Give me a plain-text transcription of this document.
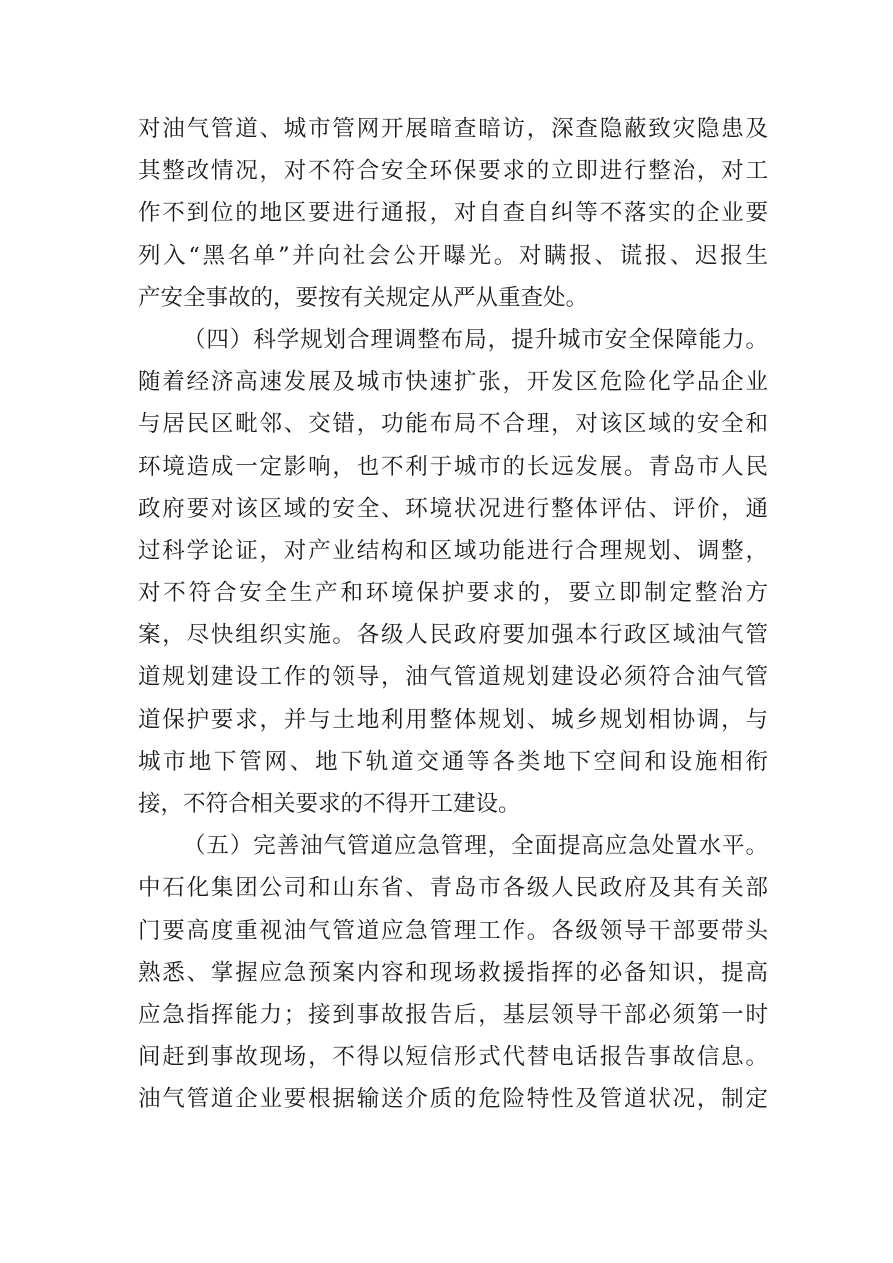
对油气管道、城市管网开展暗查暗访，深查隐蔽致灾隐患及
其整改情况，对不符合安全环保要求的立即进行整治，对工
作不到位的地区要进行通报，对自查自纠等不落实的企业要
列入“黑名单”并向社会公开曝光。对瞒报、谎报、迟报生
产安全事故的，要按有关规定从严从重查处。
（四）科学规划合理调整布局，提升城市安全保障能力。
随着经济高速发展及城市快速扩张，开发区危险化学品企业
与居民区毗邻、交错，功能布局不合理，对该区域的安全和
环境造成一定影响，也不利于城市的长远发展。青岛市人民
政府要对该区域的安全、环境状况进行整体评估、评价，通
过科学论证，对产业结构和区域功能进行合理规划、调整，
对不符合安全生产和环境保护要求的，要立即制定整治方
案，尽快组织实施。各级人民政府要加强本行政区域油气管
道规划建设工作的领导，油气管道规划建设必须符合油气管
道保护要求，并与土地利用整体规划、城乡规划相协调，与
城市地下管网、地下轨道交通等各类地下空间和设施相衔
接，不符合相关要求的不得开工建设。
（五）完善油气管道应急管理，全面提高应急处置水平。
中石化集团公司和山东省、青岛市各级人民政府及其有关部
门要高度重视油气管道应急管理工作。各级领导干部要带头
熟悉、掌握应急预案内容和现场救援指挥的必备知识，提高
应急指挥能力；接到事故报告后，基层领导干部必须第一时
间赶到事故现场，不得以短信形式代替电话报告事故信息。
油气管道企业要根据输送介质的危险特性及管道状况，制定
